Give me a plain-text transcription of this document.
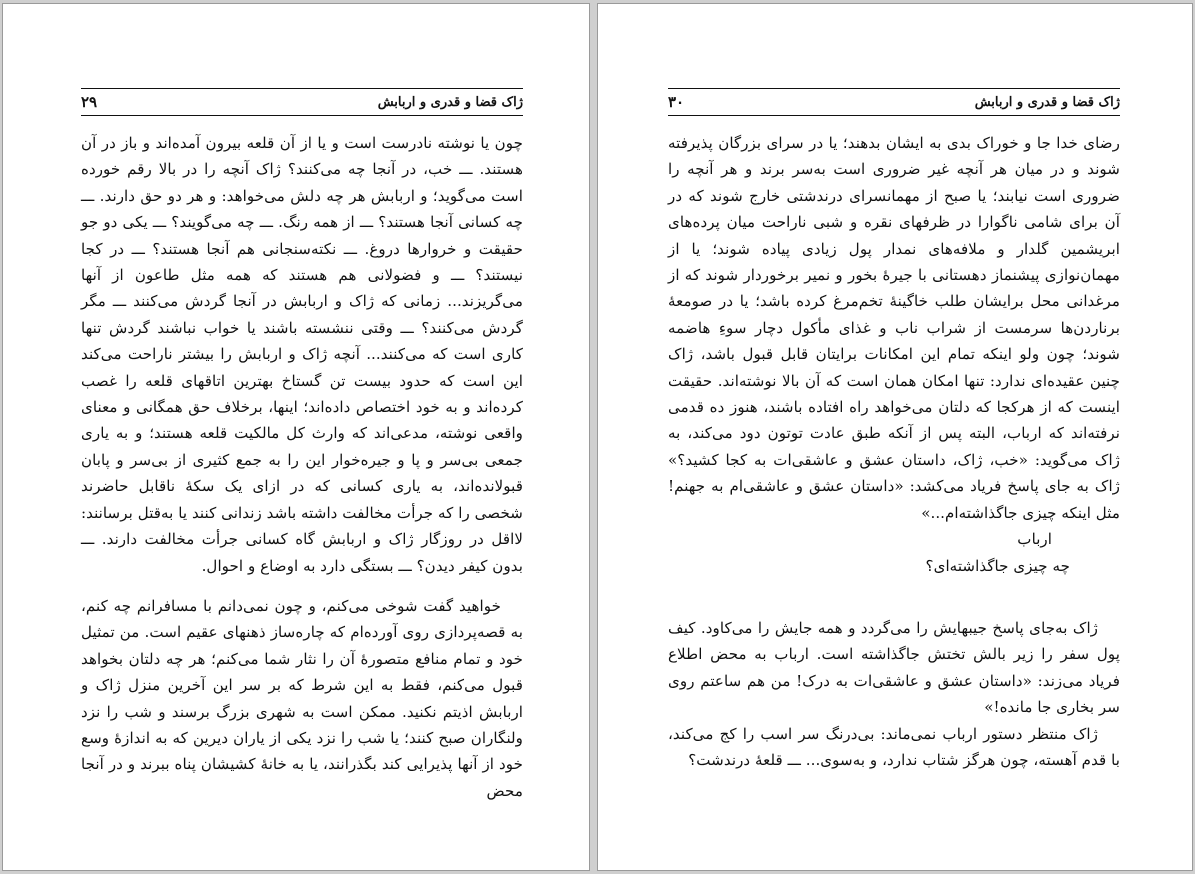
ژاک قضا و قدری و اربابش
۲۹

چون یا نوشته نادرست است و یا از آن قلعه بیرون آمده‌اند و باز در آن هستند. ـــ خب، در آنجا چه می‌کنند؟ ژاک آنچه را در بالا رقم خورده است می‌گوید؛ و اربابش هر چه دلش می‌خواهد: و هر دو حق دارند. ـــ چه کسانی آنجا هستند؟ ـــ از همه رنگ. ـــ چه می‌گویند؟ ـــ یکی دو جو حقیقت و خروارها دروغ. ـــ نکته‌سنجانی هم آنجا هستند؟ ـــ در کجا نیستند؟ ـــ و فضولانی هم هستند که همه مثل طاعون از آنها می‌گریزند... زمانی که ژاک و اربابش در آنجا گردش می‌کنند ـــ مگر گردش می‌کنند؟ ـــ وقتی ننشسته باشند یا خواب نباشند گردش تنها کاری است که می‌کنند... آنچه ژاک و اربابش را بیشتر ناراحت می‌کند این است که حدود بیست تن گستاخ بهترین اتاقهای قلعه را غصب کرده‌اند و به خود اختصاص داده‌اند؛ اینها، برخلاف حق همگانی و معنای واقعی نوشته، مدعی‌اند که وارث کل مالکیت قلعه هستند؛ و به یاری جمعی بی‌سر و پا و جیره‌خوار این را به جمع کثیری از بی‌سر و پابان قبولانده‌اند، به یاری کسانی که در ازای یک سکهٔ ناقابل حاضرند شخصی را که جرأت مخالفت داشته باشد زندانی کنند یا به‌قتل برسانند: لااقل در روزگار ژاک و اربابش گاه کسانی جرأت مخالفت دارند. ـــ بدون کیفر دیدن؟ ـــ بستگی دارد به اوضاع و احوال.

خواهید گفت شوخی می‌کنم، و چون نمی‌دانم با مسافرانم چه کنم، به قصه‌پردازی روی آورده‌ام که چاره‌ساز ذهنهای عقیم است. من تمثیل خود و تمام منافع متصورهٔ آن را نثار شما می‌کنم؛ هر چه دلتان بخواهد قبول می‌کنم، فقط به این شرط که بر سر این آخرین منزل ژاک و اربابش اذیتم نکنید. ممکن است به شهری بزرگ برسند و شب را نزد ولنگاران صبح کنند؛ یا شب را نزد یکی از یاران دیرین که به اندازهٔ وسع خود از آنها پذیرایی کند بگذرانند، یا به خانهٔ کشیشان پناه ببرند و در آنجا محض

ژاک قضا و قدری و اربابش
۳۰

رضای خدا جا و خوراک بدی به ایشان بدهند؛ یا در سرای بزرگان پذیرفته شوند و در میان هر آنچه غیر ضروری است به‌سر برند و هر آنچه را ضروری است نیابند؛ یا صبح از مهمانسرای درندشتی خارج شوند که در آن برای شامی ناگوارا در ظرفهای نقره و شبی ناراحت میان پرده‌های ابریشمین گلدار و ملافه‌های نمدار پول زیادی پیاده شوند؛ یا از مهمان‌نوازی پیشنماز دهستانی با جیرهٔ بخور و نمیر برخوردار شوند که از مرغدانی محل برایشان طلب خاگینهٔ تخم‌مرغ کرده باشد؛ یا در صومعهٔ برناردن‌ها سرمست از شراب ناب و غذای مأکول دچار سوءِ هاضمه شوند؛ چون ولو اینکه تمام این امکانات برایتان قابل قبول باشد، ژاک چنین عقیده‌ای ندارد: تنها امکان همان است که آن بالا نوشته‌اند. حقیقت اینست که از هرکجا که دلتان می‌خواهد راه افتاده باشند، هنوز ده قدمی نرفته‌اند که ارباب، البته پس از آنکه طبق عادت توتون دود می‌کند، به ژاک می‌گوید: «خب، ژاک، داستان عشق و عاشقی‌ات به کجا کشید؟» ژاک به جای پاسخ فریاد می‌کشد: «داستان عشق و عاشقی‌ام به جهنم! مثل اینکه چیزی جاگذاشته‌ام...»

ارباب

چه چیزی جاگذاشته‌ای؟

ژاک به‌جای پاسخ جیبهایش را می‌گردد و همه جایش را می‌کاود. کیف پول سفر را زیر بالش تختش جاگذاشته است. ارباب به محض اطلاع فریاد می‌زند: «داستان عشق و عاشقی‌ات به درک! من هم ساعتم روی سر بخاری جا مانده!»

ژاک منتظر دستور ارباب نمی‌ماند: بی‌درنگ سر اسب را کج می‌کند، با قدم آهسته، چون هرگز شتاب ندارد، و به‌سوی... ـــ قلعهٔ درندشت؟
